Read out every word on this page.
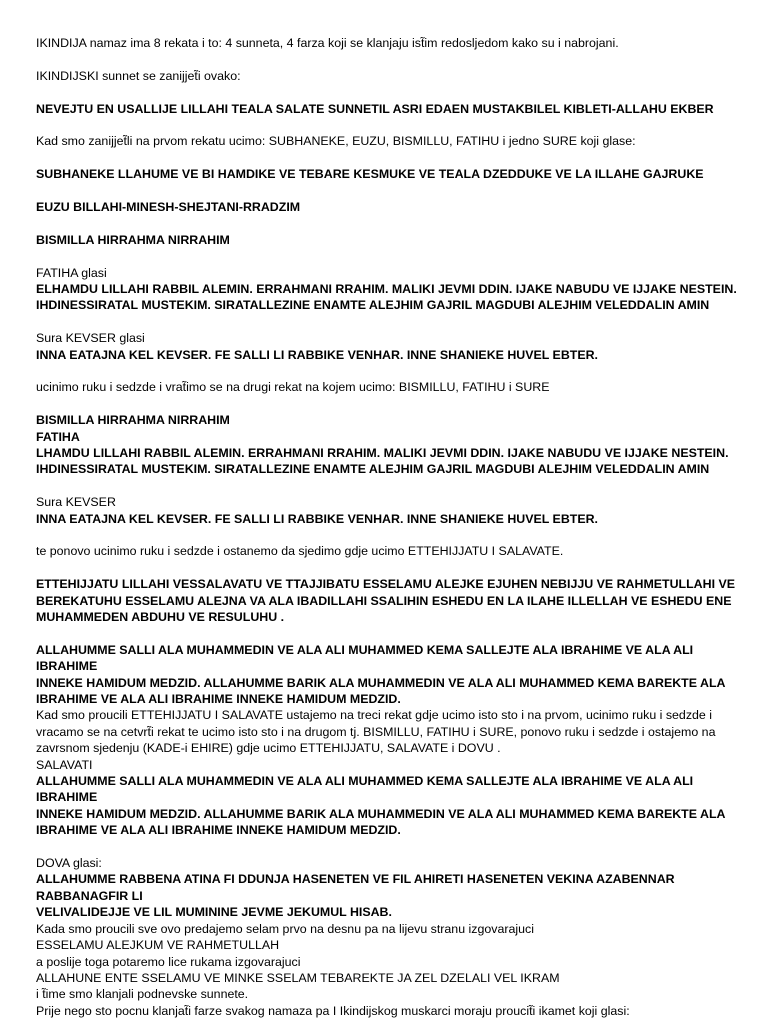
IKINDIJA namaz ima 8 rekata i to: 4 sunneta, 4 farza koji se klanjaju ist̃im redosljedom kako su i nabrojani.

IKINDIJSKI sunnet se zanijjet̃i ovako:

NEVEJTU EN USALLIJE LILLAHI TEALA SALATE SUNNETIL ASRI EDAEN MUSTAKBILEL KIBLETI-ALLAHU EKBER

Kad smo zanijjet̃li na prvom rekatu ucimo: SUBHANEKE, EUZU, BISMILLU, FATIHU i jedno SURE koji glase:

SUBHANEKE LLAHUME VE BI HAMDIKE VE TEBARE KESMUKE VE TEALA DZEDDUKE VE LA ILLAHE GAJRUKE

EUZU BILLAHI-MINESH-SHEJTANI-RRADZIM

BISMILLA HIRRAHMA NIRRAHIM

FATIHA glasi
ELHAMDU LILLAHI RABBIL ALEMIN. ERRAHMANI RRAHIM. MALIKI JEVMI DDIN. IJAKE NABUDU VE IJJAKE NESTEIN.
IHDINESSIRATAL MUSTEKIM. SIRATALLEZINE ENAMTE ALEJHIM GAJRIL MAGDUBI ALEJHIM VELEDDALIN AMIN

Sura KEVSER glasi
INNA EATAJNA KEL KEVSER. FE SALLI LI RABBIKE VENHAR. INNE SHANIEKE HUVEL EBTER.

ucinimo ruku i sedzde i vrat̃imo se na drugi rekat na kojem ucimo: BISMILLU, FATIHU i SURE

BISMILLA HIRRAHMA NIRRAHIM
FATIHA
LHAMDU LILLAHI RABBIL ALEMIN. ERRAHMANI RRAHIM. MALIKI JEVMI DDIN. IJAKE NABUDU VE IJJAKE NESTEIN.
IHDINESSIRATAL MUSTEKIM. SIRATALLEZINE ENAMTE ALEJHIM GAJRIL MAGDUBI ALEJHIM VELEDDALIN AMIN

Sura KEVSER
INNA EATAJNA KEL KEVSER. FE SALLI LI RABBIKE VENHAR. INNE SHANIEKE HUVEL EBTER.

te ponovo ucinimo ruku i sedzde i ostanemo da sjedimo gdje ucimo ETTEHIJJATU I SALAVATE.

ETTEHIJJATU LILLAHI VESSALAVATU VE TTAJJIBATU ESSELAMU ALEJKE EJUHEN NEBIJJU VE RAHMETULLAHI VE
BEREKATUHU ESSELAMU ALEJNA VA ALA IBADILLAHI SSALIHIN ESHEDU EN LA ILAHE ILLELLAH VE ESHEDU ENE
MUHAMMEDEN ABDUHU VE RESULUHU .

ALLAHUMME SALLI ALA MUHAMMEDIN VE ALA ALI MUHAMMED KEMA SALLEJTE ALA IBRAHIME VE ALA ALI IBRAHIME
INNEKE HAMIDUM MEDZID. ALLAHUMME BARIK ALA MUHAMMEDIN VE ALA ALI MUHAMMED KEMA BAREKTE ALA
IBRAHIME VE ALA ALI IBRAHIME INNEKE HAMIDUM MEDZID.
Kad smo proucili ETTEHIJJATU I SALAVATE ustajemo na treci rekat gdje ucimo isto sto i na prvom, ucinimo ruku i sedzde i
vracamo se na cetvrt̃i rekat te ucimo isto sto i na drugom tj. BISMILLU, FATIHU i SURE, ponovo ruku i sedzde i ostajemo na
zavrsnom sjedenju (KADE-i EHIRE) gdje ucimo ETTEHIJJATU, SALAVATE i DOVU .
SALAVATI
ALLAHUMME SALLI ALA MUHAMMEDIN VE ALA ALI MUHAMMED KEMA SALLEJTE ALA IBRAHIME VE ALA ALI IBRAHIME
INNEKE HAMIDUM MEDZID. ALLAHUMME BARIK ALA MUHAMMEDIN VE ALA ALI MUHAMMED KEMA BAREKTE ALA
IBRAHIME VE ALA ALI IBRAHIME INNEKE HAMIDUM MEDZID.

DOVA glasi:
ALLAHUMME RABBENA ATINA FI DDUNJA HASENETEN VE FIL AHIRETI HASENETEN VEKINA AZABENNAR RABBANAGFIR LI
VELIVALIDEJJE VE LIL MUMININE JEVME JEKUMUL HISAB.
Kada smo proucili sve ovo predajemo selam prvo na desnu pa na lijevu stranu izgovarajuci
ESSELAMU ALEJKUM VE RAHMETULLAH
a poslije toga potaremo lice rukama izgovarajuci
ALLAHUNE ENTE SSELAMU VE MINKE SSELAM TEBAREKTE JA ZEL DZELALI VEL IKRAM
i t̃ime smo klanjali podnevske sunnete.
Prije nego sto pocnu klanjat̃i farze svakog namaza pa I Ikindijskog muskarci moraju proucit̃i ikamet koji glasi:
